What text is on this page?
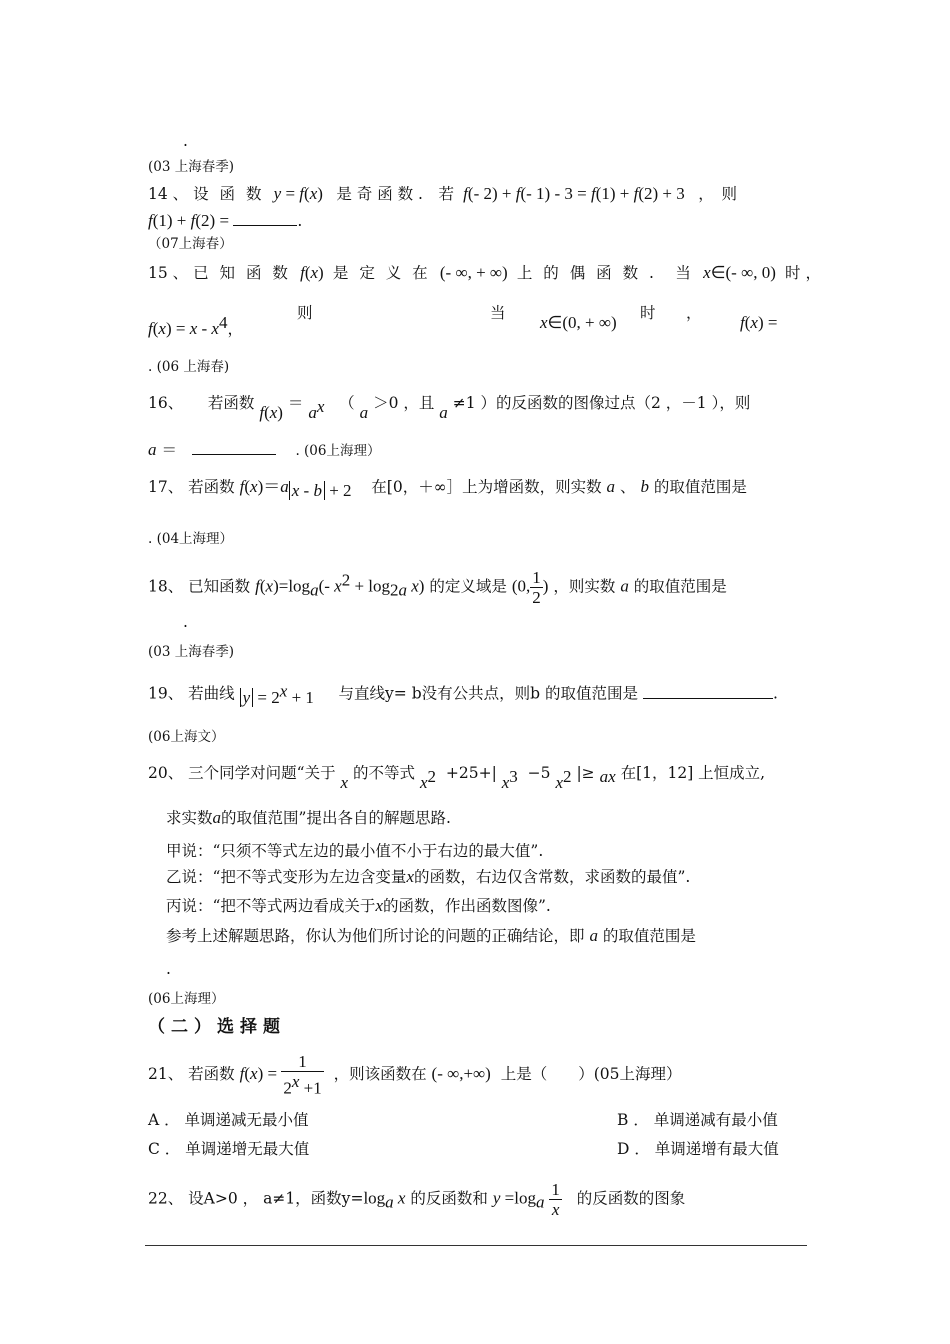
.
(03 上海春季)
14 、 设 函 数  y = f(x)   是 奇 函 数 .　若  f(- 2) + f(- 1) - 3 = f(1) + f(2) + 3   ，　则
f(1) + f(2) =	.
（07上海春）
15 、 已 知 函 数  f(x)  是 定 义 在  (- ∞, + ∞)  上 的 偶 函 数 .　当  x∈(- ∞, 0)  时 ，
$f(x) = x - x^4$，
则	当 x∈(0, + ∞) 时 ， f(x) =
. (06 上海春)
16、 若函数 $f(x) = a^x$ （ a ＞0 ，且 a ≠1 ）的反函数的图像过点（2 ，－1 ），则
a ＝	. (06上海理）
17、 若函数 f(x)＝a x - b + 2 在[0，＋∞］上为增函数，则实数 a 、 b 的取值范围是
. (04上海理）
18、 已知函数 $f(x)=\log_a(-$ $x^2 + \log_{2a} x$) 的定义域是 (0, $\frac{1}{2}$ ) ，则实数 a 的取值范围是
.
(03 上海春季)
19、 若曲线 $y = 2^x + 1$ 与直线y= b没有公共点，则b 的取值范围是	.
(06上海文）
20、 三个同学对问题“关于 x 的不等式 $x^2 +25+|$ $x^3 -5$ $x^2$ |≥ ax 在[1，12] 上恒成立,
求实数a的取值范围”提出各自的解题思路.
甲说：“只须不等式左边的最小值不小于右边的最大值”.
乙说：“把不等式变形为左边含变量x的函数，右边仅含常数，求函数的最值”.
丙说：“把不等式两边看成关于x的函数，作出函数图像”.
参考上述解题思路，你认为他们所讨论的问题的正确结论，即 a 的取值范围是
.
(06上海理）
（二）选择题
21、 若函数 $f(x) = \frac{1}{2^x +1}$ ，则该函数在 (- ∞,+∞) 上是（　　）(05上海理）
A ． 单调递减无最小值	B ． 单调递减有最小值
C ． 单调递增无最大值	D ． 单调递增有最大值
22、 设A>0 ， a≠1，函数$y=\log_a$ x 的反函数和 $y =\log_a \frac{1}{x}$ 的反函数的图象
